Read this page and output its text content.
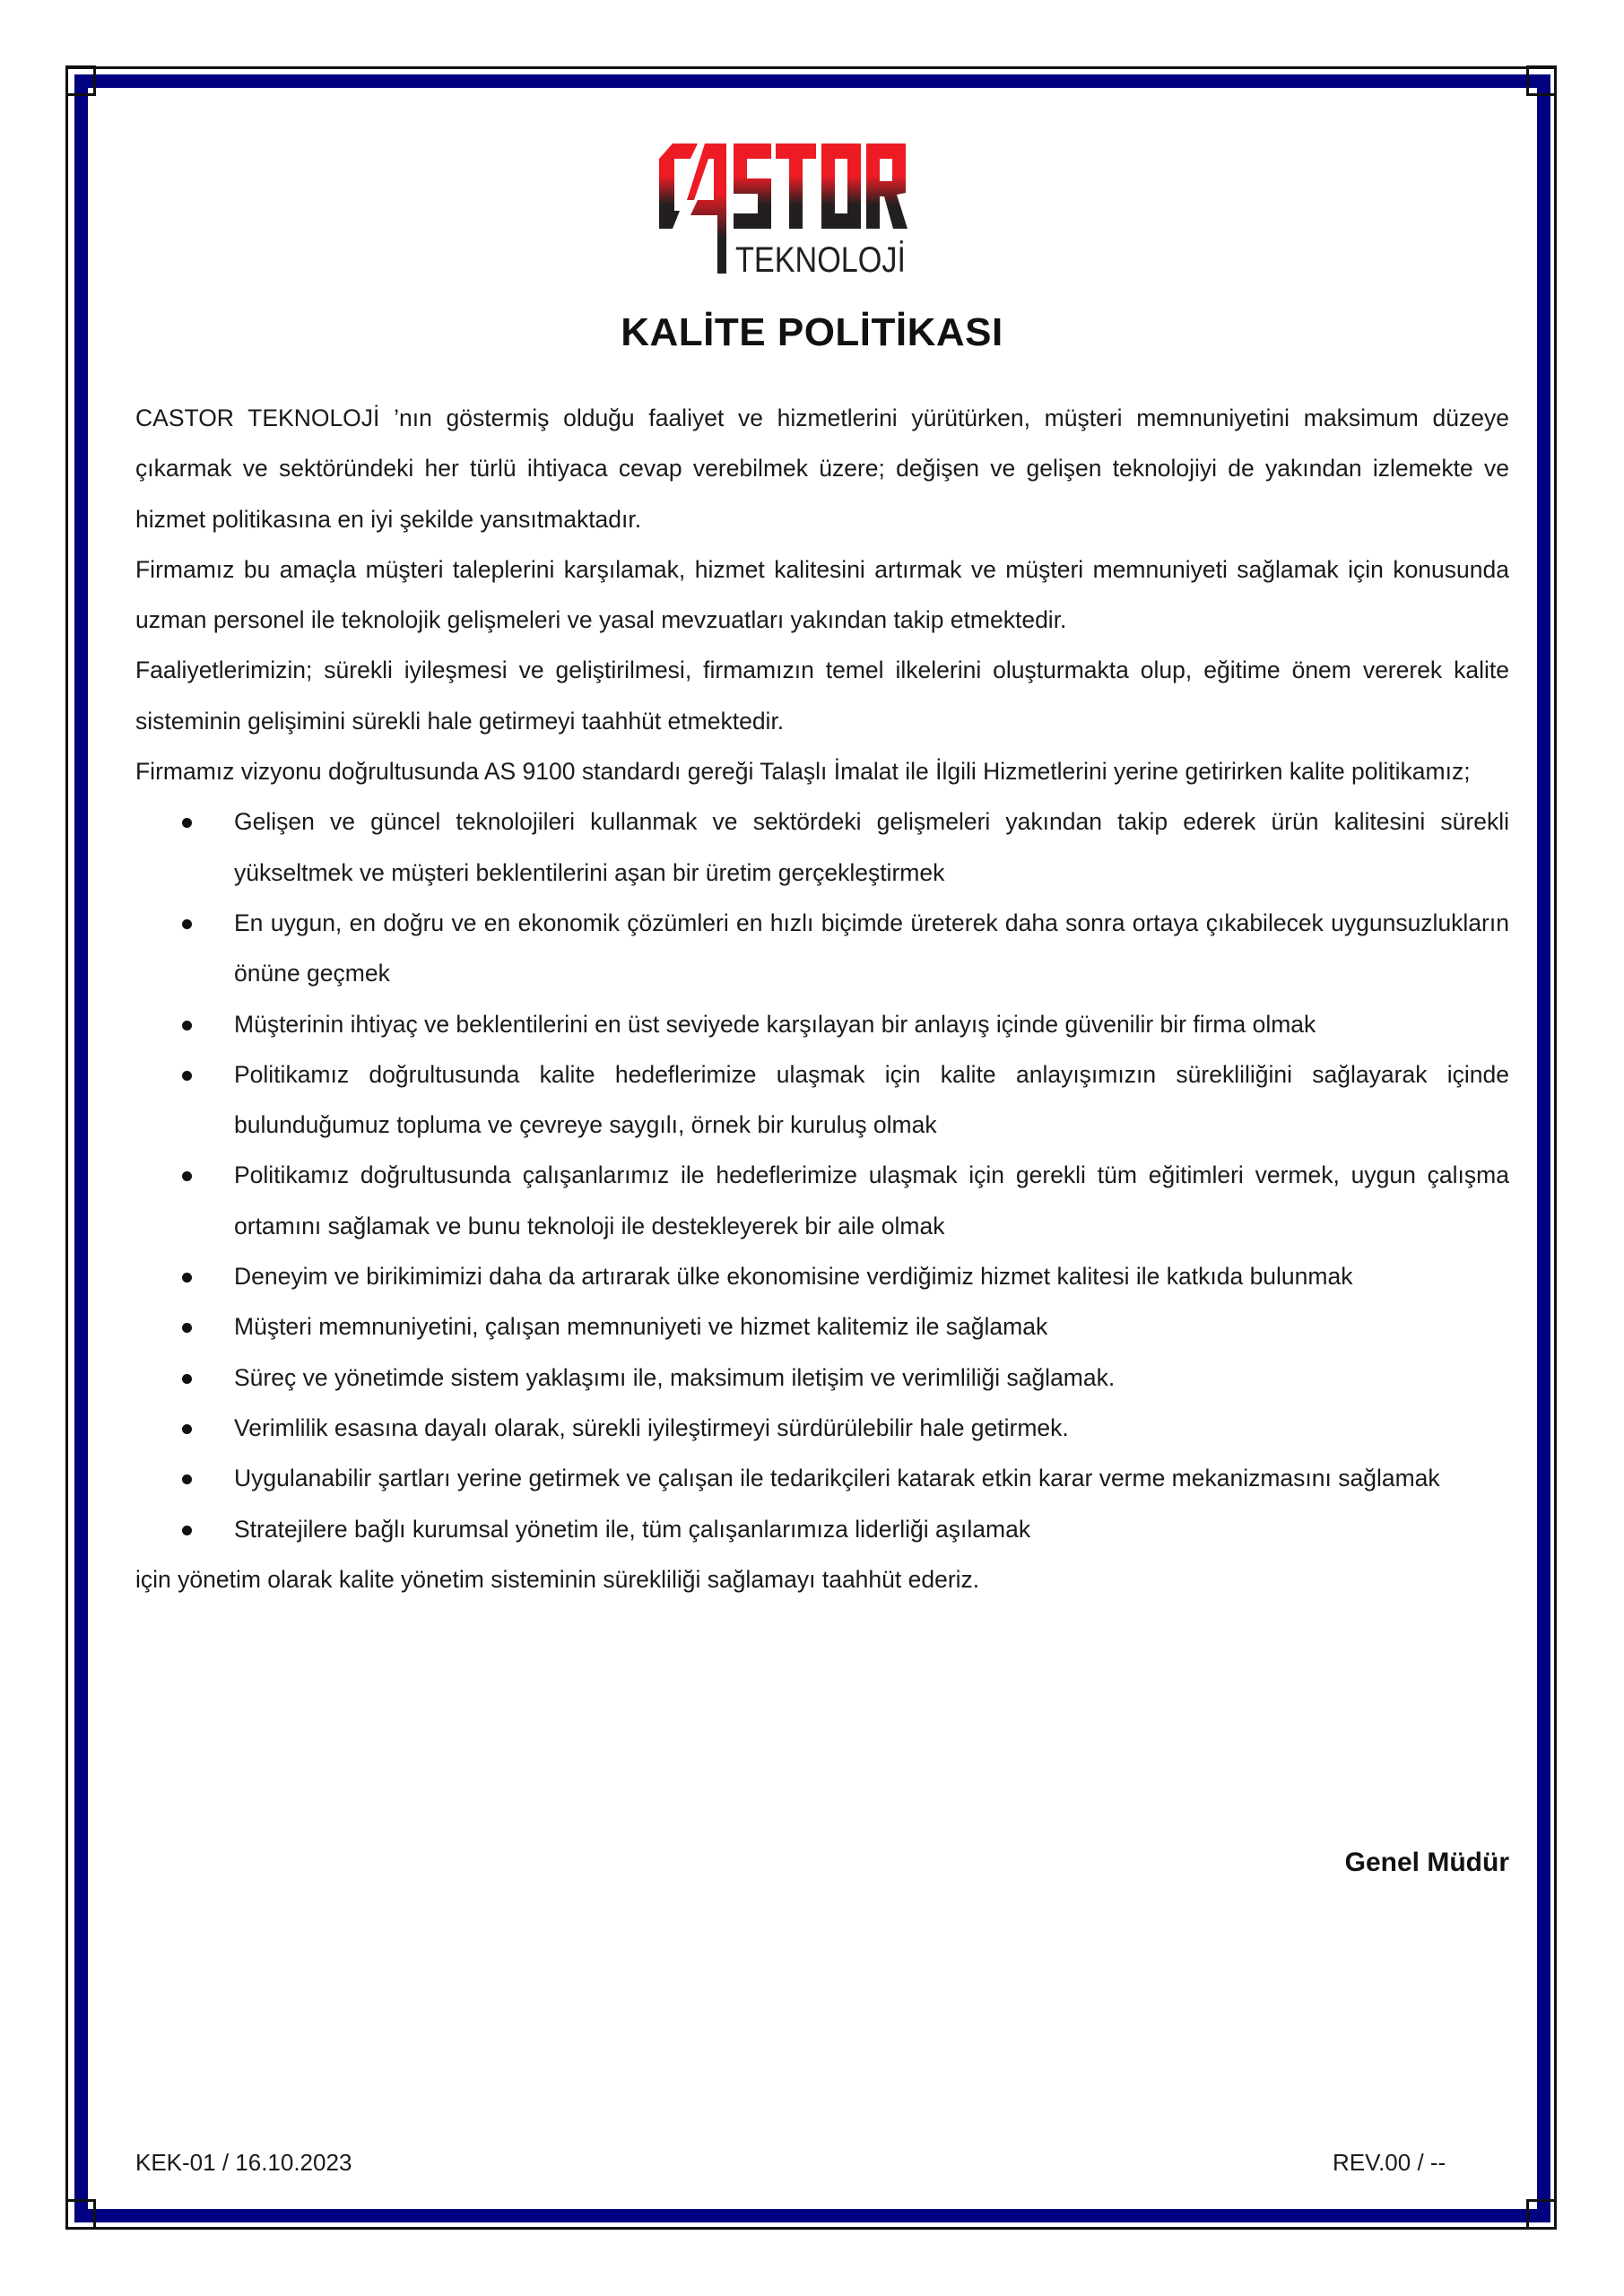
TEKNOLOJİ
KALİTE POLİTİKASI

CASTOR TEKNOLOJİ ’nın göstermiş olduğu faaliyet ve hizmetlerini yürütürken, müşteri memnuniyetini maksimum düzeye çıkarmak ve sektöründeki her türlü ihtiyaca cevap verebilmek üzere; değişen ve gelişen teknolojiyi de yakından izlemekte ve hizmet politikasına en iyi şekilde yansıtmaktadır.

Firmamız bu amaçla müşteri taleplerini karşılamak, hizmet kalitesini artırmak ve müşteri memnuniyeti sağlamak için konusunda uzman personel ile teknolojik gelişmeleri ve yasal mevzuatları yakından takip etmektedir.

Faaliyetlerimizin; sürekli iyileşmesi ve geliştirilmesi, firmamızın temel ilkelerini oluşturmakta olup, eğitime önem vererek kalite sisteminin gelişimini sürekli hale getirmeyi taahhüt etmektedir.

Firmamız vizyonu doğrultusunda AS 9100 standardı gereği Talaşlı İmalat ile İlgili Hizmetlerini yerine getirirken kalite politikamız;

Gelişen ve güncel teknolojileri kullanmak ve sektördeki gelişmeleri yakından takip ederek ürün kalitesini sürekli yükseltmek ve müşteri beklentilerini aşan bir üretim gerçekleştirmek
En uygun, en doğru ve en ekonomik çözümleri en hızlı biçimde üreterek daha sonra ortaya çıkabilecek uygunsuzlukların önüne geçmek
Müşterinin ihtiyaç ve beklentilerini en üst seviyede karşılayan bir anlayış içinde güvenilir bir firma olmak
Politikamız doğrultusunda kalite hedeflerimize ulaşmak için kalite anlayışımızın sürekliliğini sağlayarak içinde bulunduğumuz topluma ve çevreye saygılı, örnek bir kuruluş olmak
Politikamız doğrultusunda çalışanlarımız ile hedeflerimize ulaşmak için gerekli tüm eğitimleri vermek, uygun çalışma ortamını sağlamak ve bunu teknoloji ile destekleyerek bir aile olmak
Deneyim ve birikimimizi daha da artırarak ülke ekonomisine verdiğimiz hizmet kalitesi ile katkıda bulunmak
Müşteri memnuniyetini, çalışan memnuniyeti ve hizmet kalitemiz ile sağlamak
Süreç ve yönetimde sistem yaklaşımı ile, maksimum iletişim ve verimliliği sağlamak.
Verimlilik esasına dayalı olarak, sürekli iyileştirmeyi sürdürülebilir hale getirmek.
Uygulanabilir şartları yerine getirmek ve çalışan ile tedarikçileri katarak etkin karar verme mekanizmasını sağlamak
Stratejilere bağlı kurumsal yönetim ile, tüm çalışanlarımıza liderliği aşılamak

için yönetim olarak kalite yönetim sisteminin sürekliliği sağlamayı taahhüt ederiz.

Genel Müdür
KEK-01 / 16.10.2023	REV.00 / --
